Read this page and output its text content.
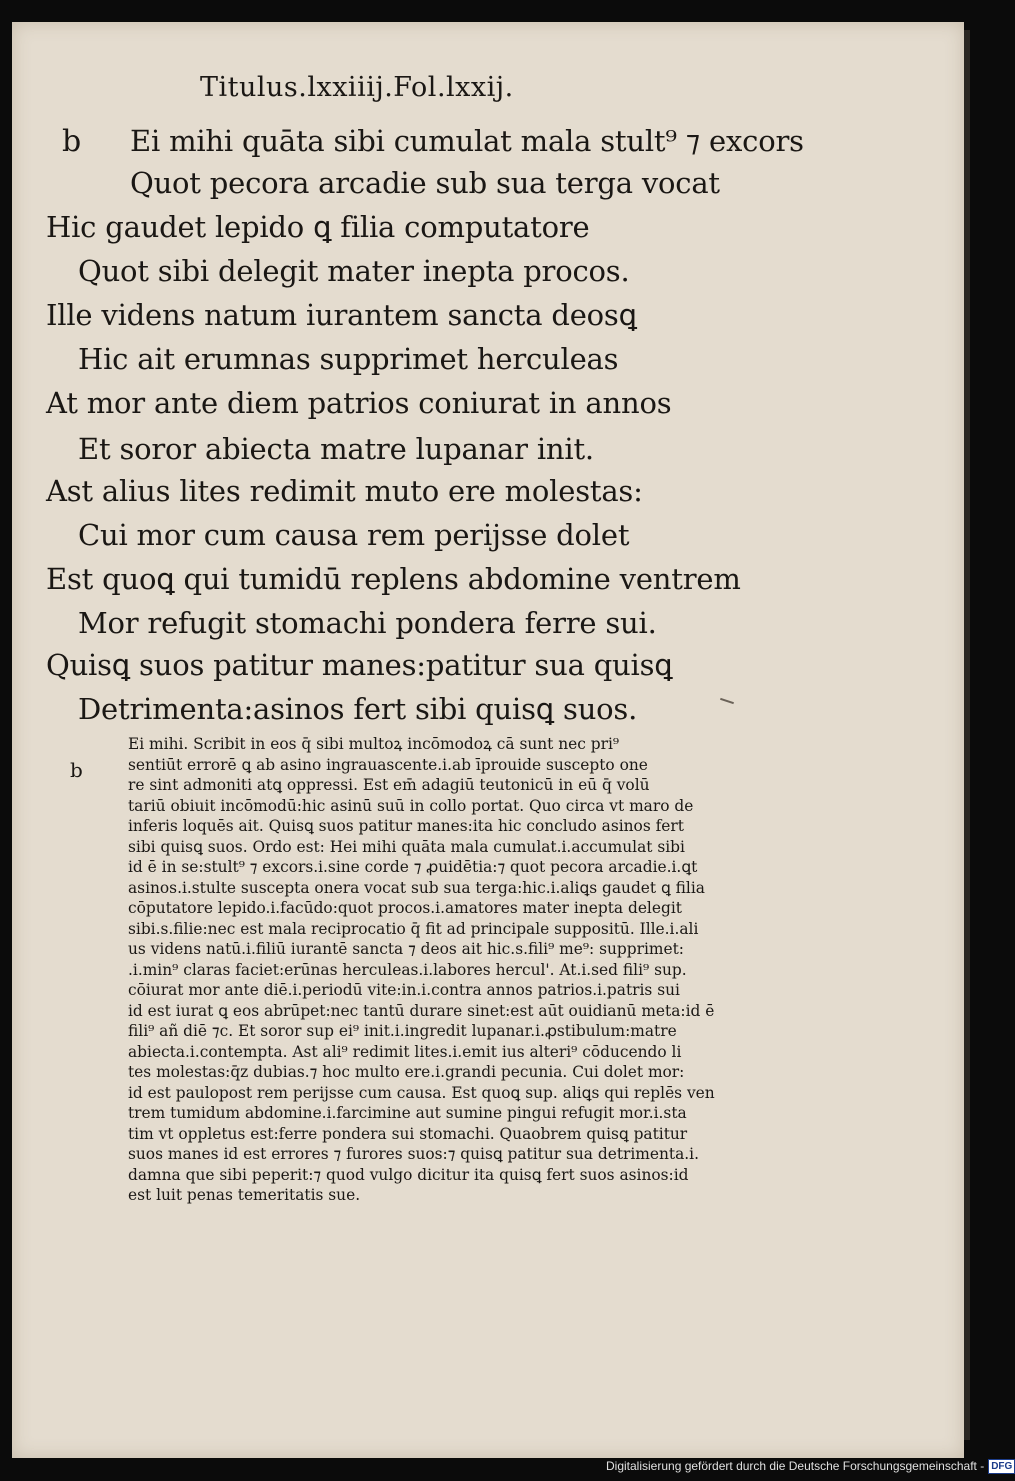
Titulus.lxxiiij.Fol.lxxij.
b Ei mihi quāta sibi cumulat mala stult⁹ ⁊ excors
Quot pecora arcadie sub sua terga vocat
Hic gaudet lepido ꝗ filia computatore
Quot sibi delegit mater inepta procos.
Ille videns natum iurantem sancta deosꝗ
Hic ait erumnas supprimet herculeas
At mor ante diem patrios coniurat in annos
Et soror abiecta matre lupanar init.
Ast alius lites redimit muto ere molestas:
Cui mor cum causa rem perijsse dolet
Est quoꝗ qui tumidū replens abdomine ventrem
Mor refugit stomachi pondera ferre sui.
Quisꝗ suos patitur manes:patitur sua quisꝗ
Detrimenta:asinos fert sibi quisꝗ suos.
b
Ei mihi. Scribit in eos q̄ sibi multoꝝ incōmodoꝝ cā sunt nec pri⁹
sentiūt errorē ꝗ ab asino ingrauascente.i.ab īprouide suscepto one
re sint admoniti atꝗ oppressi. Est em̄ adagiū teutonicū in eū q̄ volū
tariū obiuit incōmodū:hic asinū suū in collo portat. Quo circa vt maro de
inferis loquēs ait. Quisꝗ suos patitur manes:ita hic concludo asinos fert
sibi quisꝗ suos. Ordo est: Hei mihi quāta mala cumulat.i.accumulat sibi
id ē in se:stult⁹ ⁊ excors.i.sine corde ⁊ ꝓuidētia:⁊ quot pecora arcadie.i.ꝗt
asinos.i.stulte suscepta onera vocat sub sua terga:hic.i.aliꝗs gaudet ꝗ filia
cōputatore lepido.i.facūdo:quot procos.i.amatores mater inepta delegit
sibi.s.filie:nec est mala reciprocatio q̄ fit ad principale suppositū. Ille.i.ali
us videns natū.i.filiū iurantē sancta ⁊ deos ait hic.s.fili⁹ me⁹: supprimet:
.i.min⁹ claras faciet:erūnas herculeas.i.labores hercul'. At.i.sed fili⁹ sup.
cōiurat mor ante diē.i.periodū vite:in.i.contra annos patrios.i.patris sui
id est iurat ꝗ eos abrūpet:nec tantū durare sinet:est aūt ouidianū meta:id ē
fili⁹ añ diē ⁊c. Et soror sup ei⁹ init.i.ingredit lupanar.i.ꝓstibulum:matre
abiecta.i.contempta. Ast ali⁹ redimit lites.i.emit ius alteri⁹ cōducendo li
tes molestas:q̄z dubias.⁊ hoc multo ere.i.grandi pecunia. Cui dolet mor:
id est paulopost rem perijsse cum causa. Est quoꝗ sup. aliꝗs qui replēs ven
trem tumidum abdomine.i.farcimine aut sumine pingui refugit mor.i.sta
tim vt oppletus est:ferre pondera sui stomachi. Quaobrem quisꝗ patitur
suos manes id est errores ⁊ furores suos:⁊ quisꝗ patitur sua detrimenta.i.
damna que sibi peperit:⁊ quod vulgo dicitur ita quisꝗ fert suos asinos:id
est luit penas temeritatis sue.
Digitalisierung gefördert durch die Deutsche Forschungsgemeinschaft - DFG
